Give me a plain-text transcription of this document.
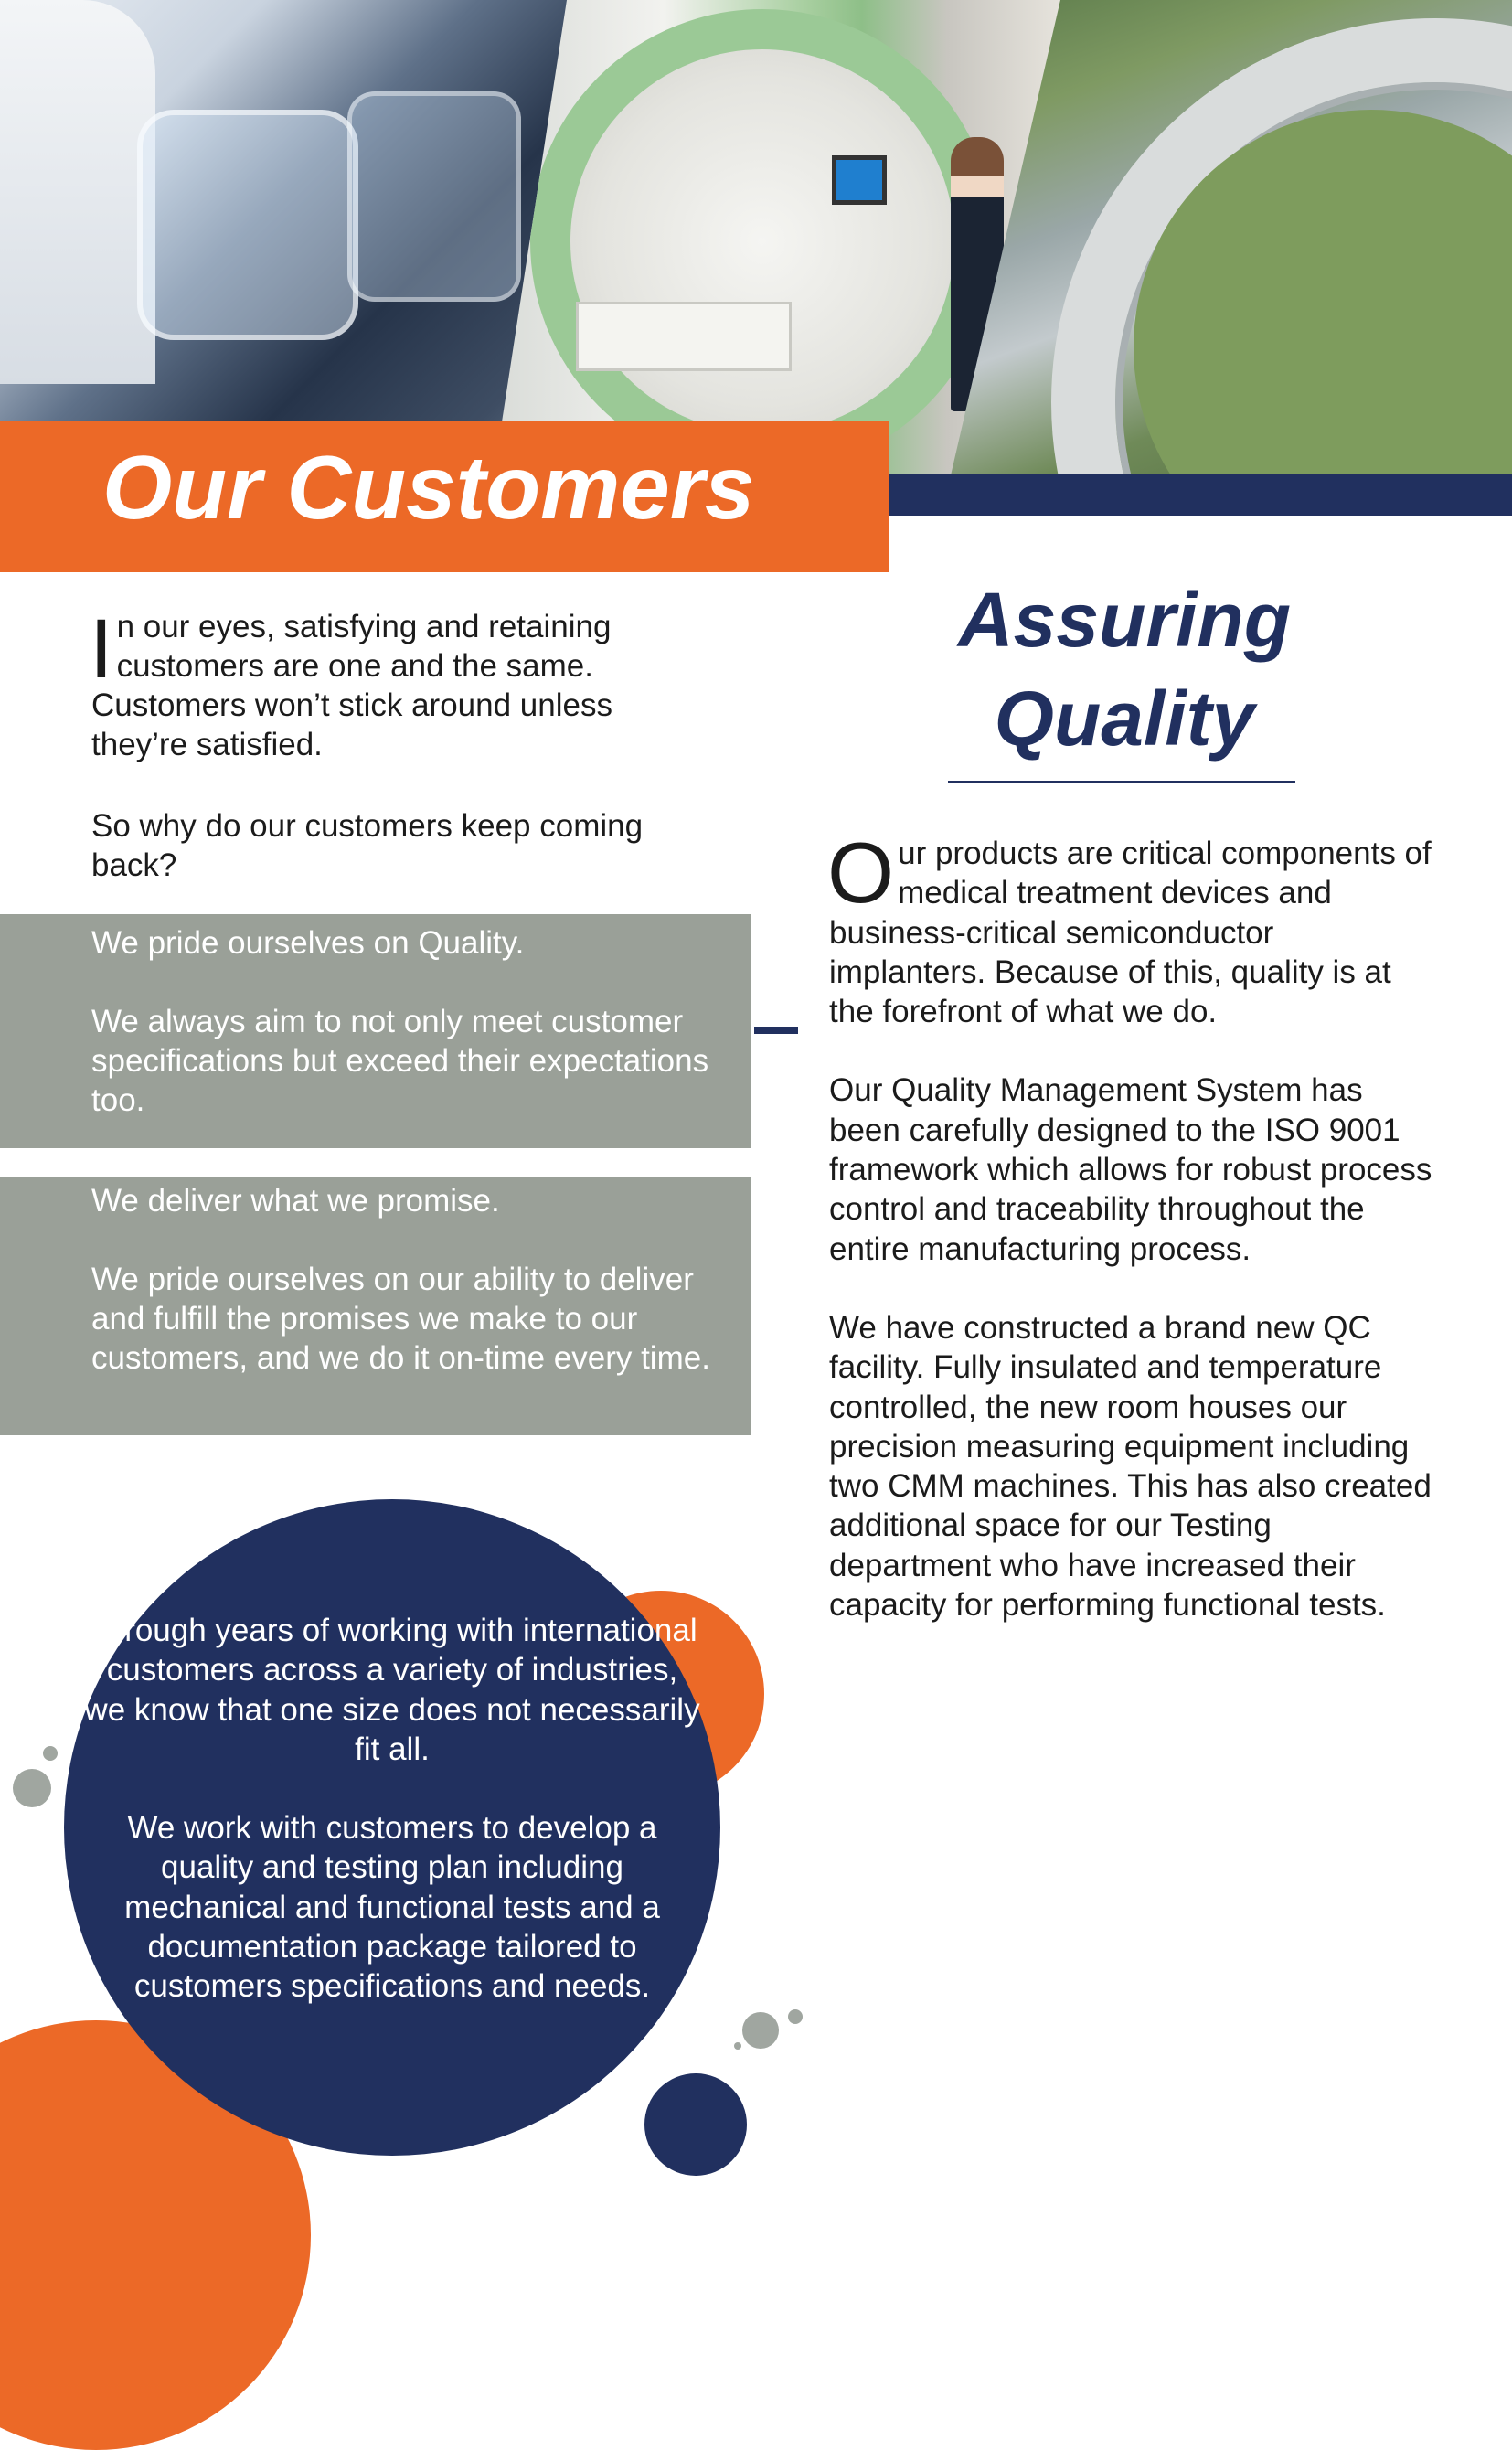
Our Customers

In our eyes, satisfying and retaining customers are one and the same. Customers won’t stick around unless they’re satisfied.

So why do our customers keep coming back?

We pride ourselves on Quality.

We always aim to not only meet customer specifications but exceed their expectations too.

We deliver what we promise.

We pride ourselves on our ability to deliver and fulfill the promises we make to our customers, and we do it on-time every time.

Assuring
Quality

Our products are critical components of medical treatment devices and business-critical semiconductor implanters. Because of this, quality is at the forefront of what we do.

Our Quality Management System has been carefully designed to the ISO 9001 framework which allows for robust process control and traceability throughout the entire manufacturing process.

We have constructed a brand new QC facility. Fully insulated and temperature controlled, the new room houses our precision measuring equipment including two CMM machines. This has also created additional space for our Testing department who have increased their capacity for performing functional tests.

Through years of working with international customers across a variety of industries, we know that one size does not necessarily fit all.

We work with customers to develop a quality and testing plan including mechanical and functional tests and a documentation package tailored to customers specifications and needs.
